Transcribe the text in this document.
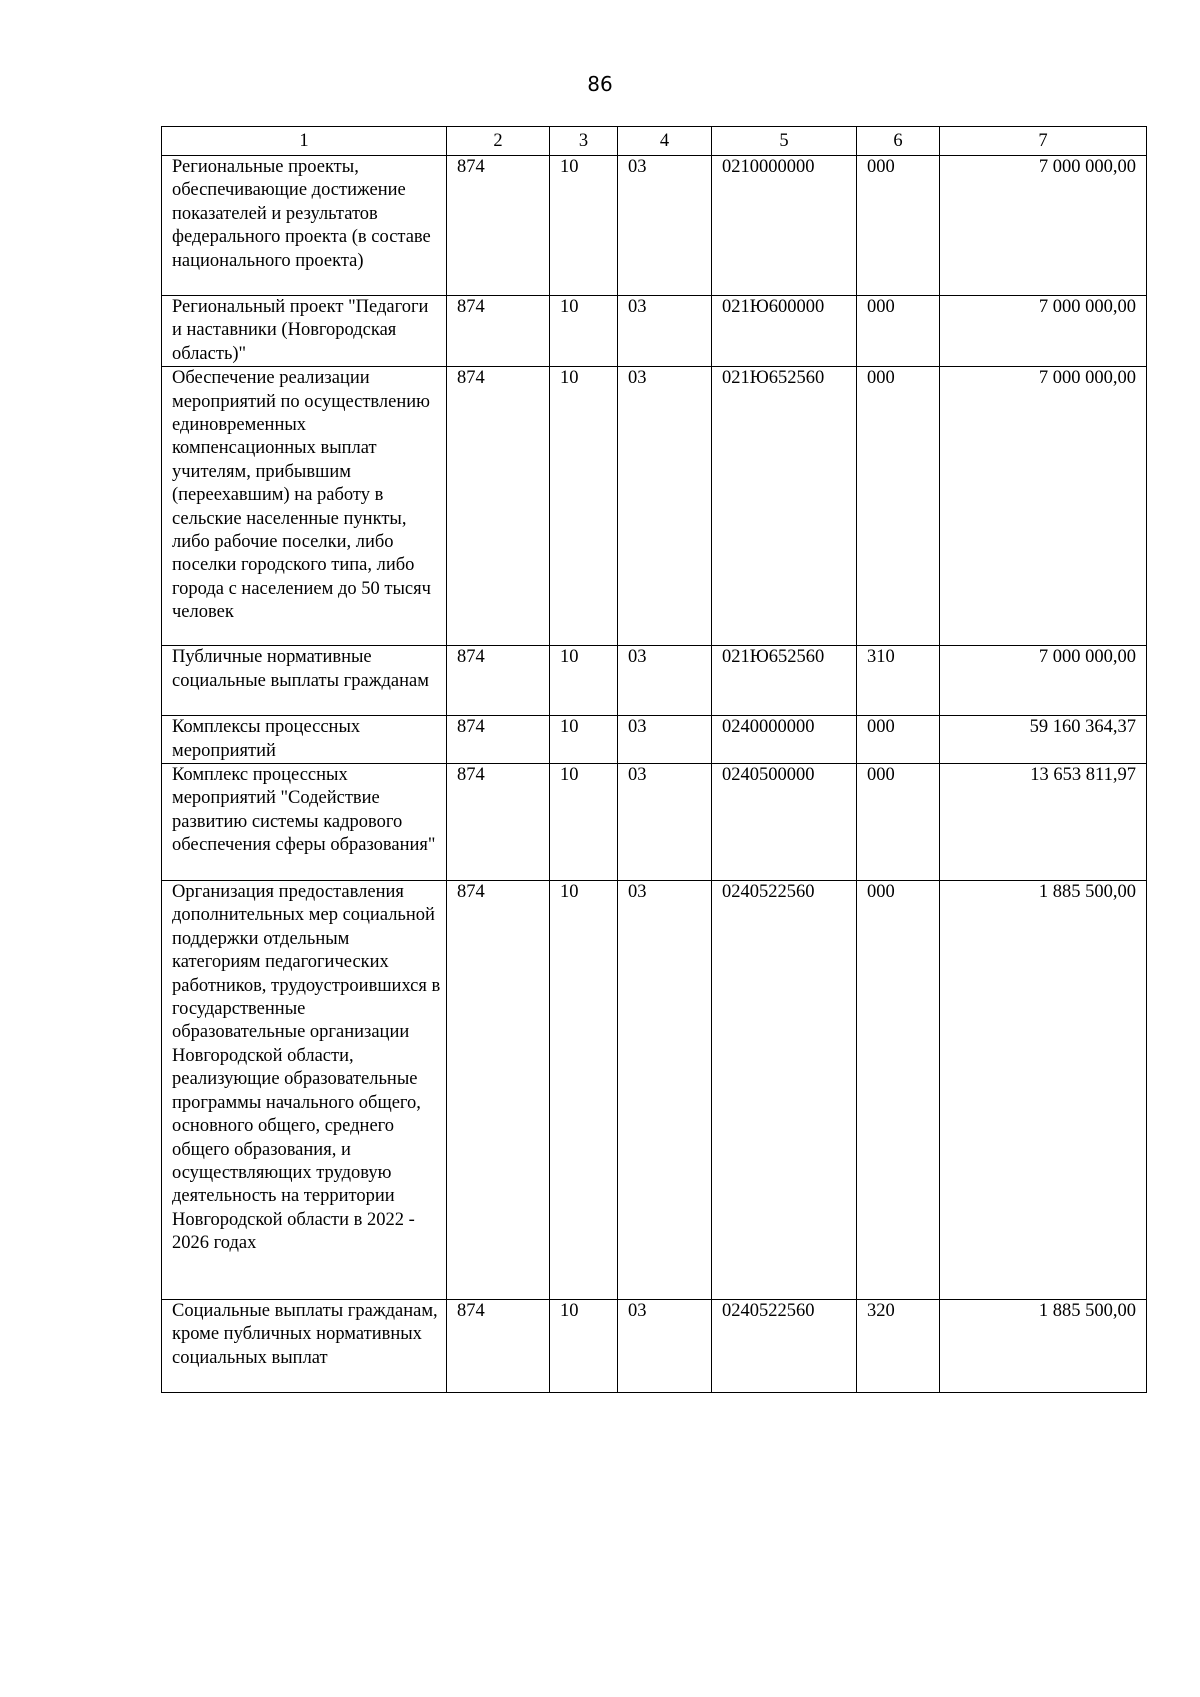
86
1	2	3	4	5	6	7
Региональные проекты, обеспечивающие достижение показателей и результатов федерального проекта (в составе национального проекта)	874	10	03	0210000000	000	7 000 000,00
Региональный проект "Педагоги и наставники (Новгородская область)"	874	10	03	021Ю600000	000	7 000 000,00
Обеспечение реализации мероприятий по осуществлению единовременных компенсационных выплат учителям, прибывшим (переехавшим) на работу в сельские населенные пункты, либо рабочие поселки, либо поселки городского типа, либо города с населением до 50 тысяч человек	874	10	03	021Ю652560	000	7 000 000,00
Публичные нормативные социальные выплаты гражданам	874	10	03	021Ю652560	310	7 000 000,00
Комплексы процессных мероприятий	874	10	03	0240000000	000	59 160 364,37
Комплекс процессных мероприятий "Содействие развитию системы кадрового обеспечения сферы образования"	874	10	03	0240500000	000	13 653 811,97
Организация предоставления дополнительных мер социальной поддержки отдельным категориям педагогических работников, трудоустроившихся в государственные образовательные организации Новгородской области, реализующие образовательные программы начального общего, основного общего, среднего общего образования, и осуществляющих трудовую деятельность на территории Новгородской области в 2022 - 2026 годах	874	10	03	0240522560	000	1 885 500,00
Социальные выплаты гражданам, кроме публичных нормативных социальных выплат	874	10	03	0240522560	320	1 885 500,00
